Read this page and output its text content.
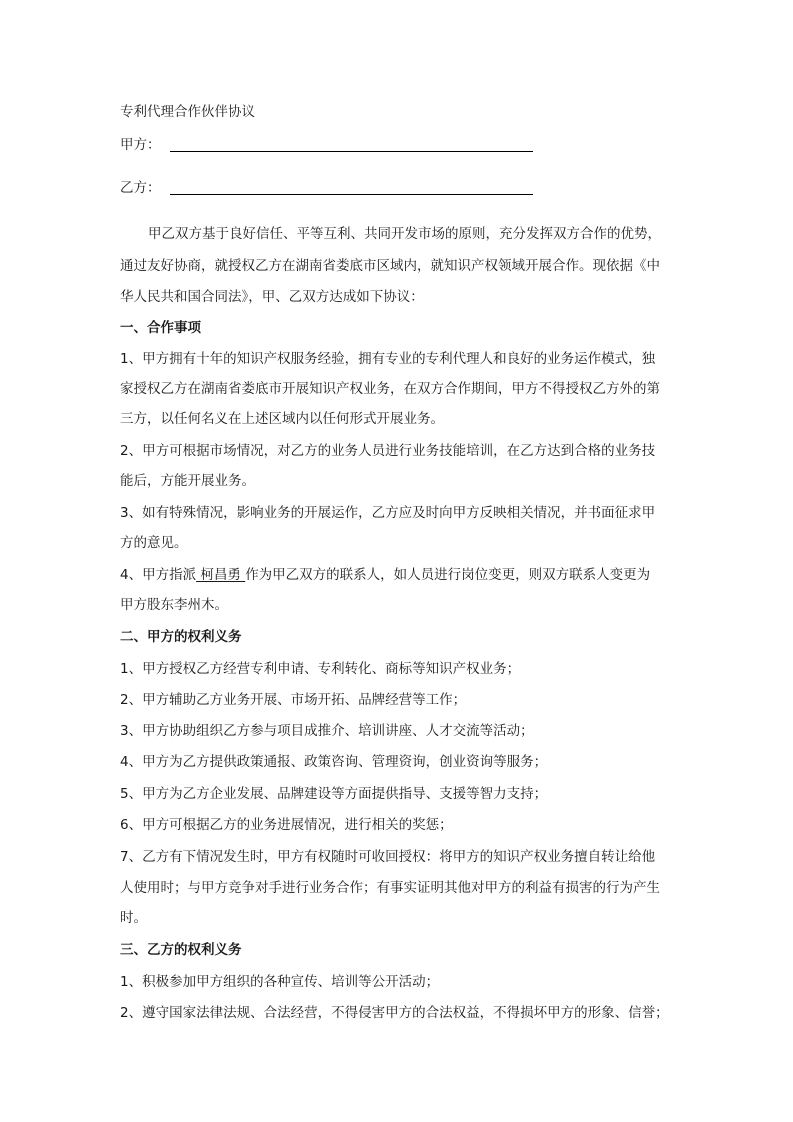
专利代理合作伙伴协议
甲方：
乙方：
甲乙双方基于良好信任、平等互利、共同开发市场的原则，充分发挥双方合作的优势，
通过友好协商，就授权乙方在湖南省娄底市区域内，就知识产权领域开展合作。现依据《中
华人民共和国合同法》，甲、乙双方达成如下协议：
一、合作事项
1、甲方拥有十年的知识产权服务经验，拥有专业的专利代理人和良好的业务运作模式，独
家授权乙方在湖南省娄底市开展知识产权业务，在双方合作期间，甲方不得授权乙方外的第
三方，以任何名义在上述区域内以任何形式开展业务。
2、甲方可根据市场情况，对乙方的业务人员进行业务技能培训，在乙方达到合格的业务技
能后，方能开展业务。
3、如有特殊情况，影响业务的开展运作，乙方应及时向甲方反映相关情况，并书面征求甲
方的意见。
4、甲方指派 柯昌勇 作为甲乙双方的联系人，如人员进行岗位变更，则双方联系人变更为
甲方股东李州木。
二、甲方的权利义务
1、甲方授权乙方经营专利申请、专利转化、商标等知识产权业务；
2、甲方辅助乙方业务开展、市场开拓、品牌经营等工作；
3、甲方协助组织乙方参与项目成推介、培训讲座、人才交流等活动；
4、甲方为乙方提供政策通报、政策咨询、管理资询，创业资询等服务；
5、甲方为乙方企业发展、品牌建设等方面提供指导、支援等智力支持；
6、甲方可根据乙方的业务进展情况，进行相关的奖惩；
7、乙方有下情况发生时，甲方有权随时可收回授权：将甲方的知识产权业务擅自转让给他
人使用时；与甲方竞争对手进行业务合作；有事实证明其他对甲方的利益有损害的行为产生
时。
三、乙方的权利义务
1、积极参加甲方组织的各种宣传、培训等公开活动；
2、遵守国家法律法规、合法经营，不得侵害甲方的合法权益，不得损坏甲方的形象、信誉；
